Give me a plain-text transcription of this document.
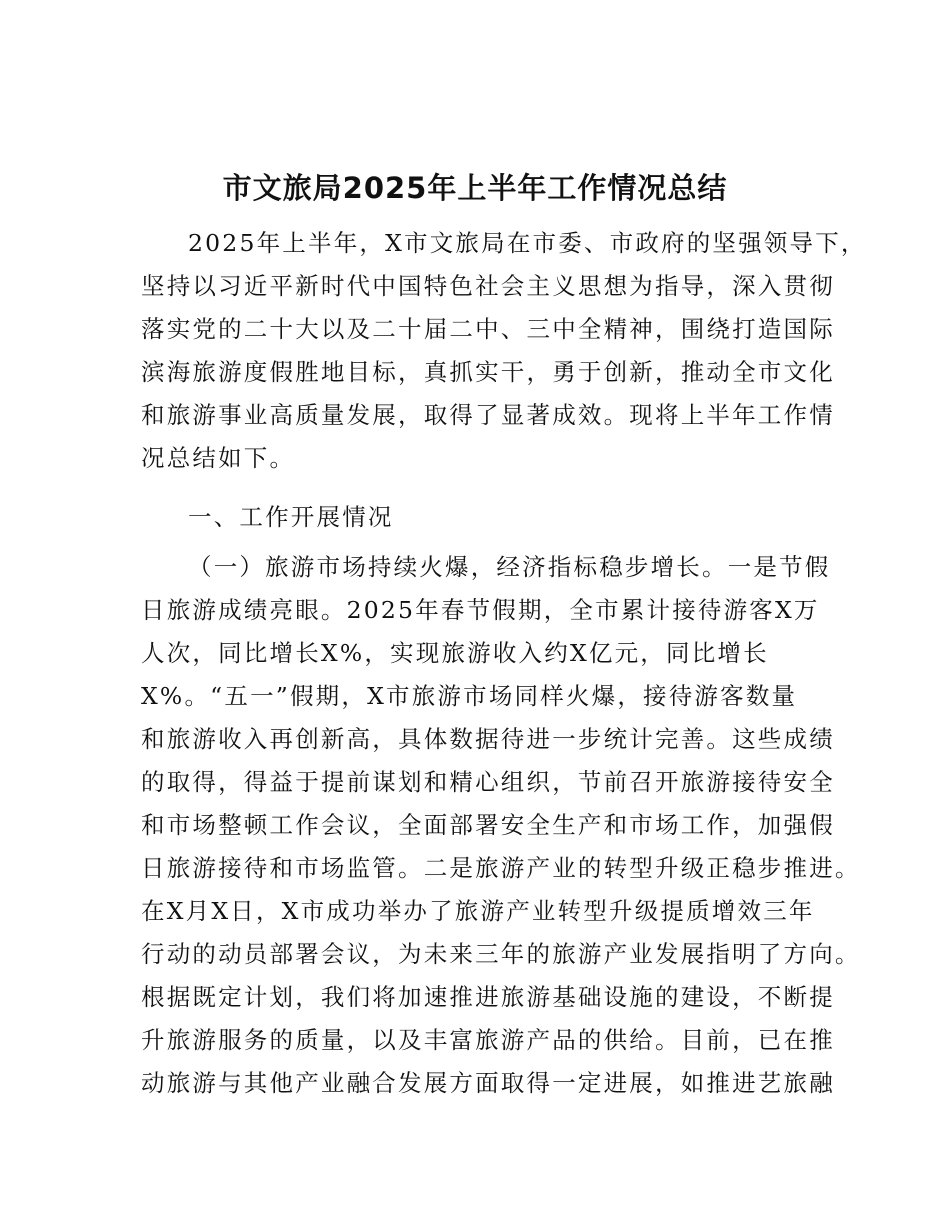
市文旅局2025年上半年工作情况总结
2025年上半年，X市文旅局在市委、市政府的坚强领导下，
坚持以习近平新时代中国特色社会主义思想为指导，深入贯彻
落实党的二十大以及二十届二中、三中全精神，围绕打造国际
滨海旅游度假胜地目标，真抓实干，勇于创新，推动全市文化
和旅游事业高质量发展，取得了显著成效。现将上半年工作情
况总结如下。
一、工作开展情况
（一）旅游市场持续火爆，经济指标稳步增长。一是节假
日旅游成绩亮眼。2025年春节假期，全市累计接待游客X万
人次，同比增长X%，实现旅游收入约X亿元，同比增长
X%。“五一”假期，X市旅游市场同样火爆，接待游客数量
和旅游收入再创新高，具体数据待进一步统计完善。这些成绩
的取得，得益于提前谋划和精心组织，节前召开旅游接待安全
和市场整顿工作会议，全面部署安全生产和市场工作，加强假
日旅游接待和市场监管。二是旅游产业的转型升级正稳步推进。
在X月X日，X市成功举办了旅游产业转型升级提质增效三年
行动的动员部署会议，为未来三年的旅游产业发展指明了方向。
根据既定计划，我们将加速推进旅游基础设施的建设，不断提
升旅游服务的质量，以及丰富旅游产品的供给。目前，已在推
动旅游与其他产业融合发展方面取得一定进展，如推进艺旅融
